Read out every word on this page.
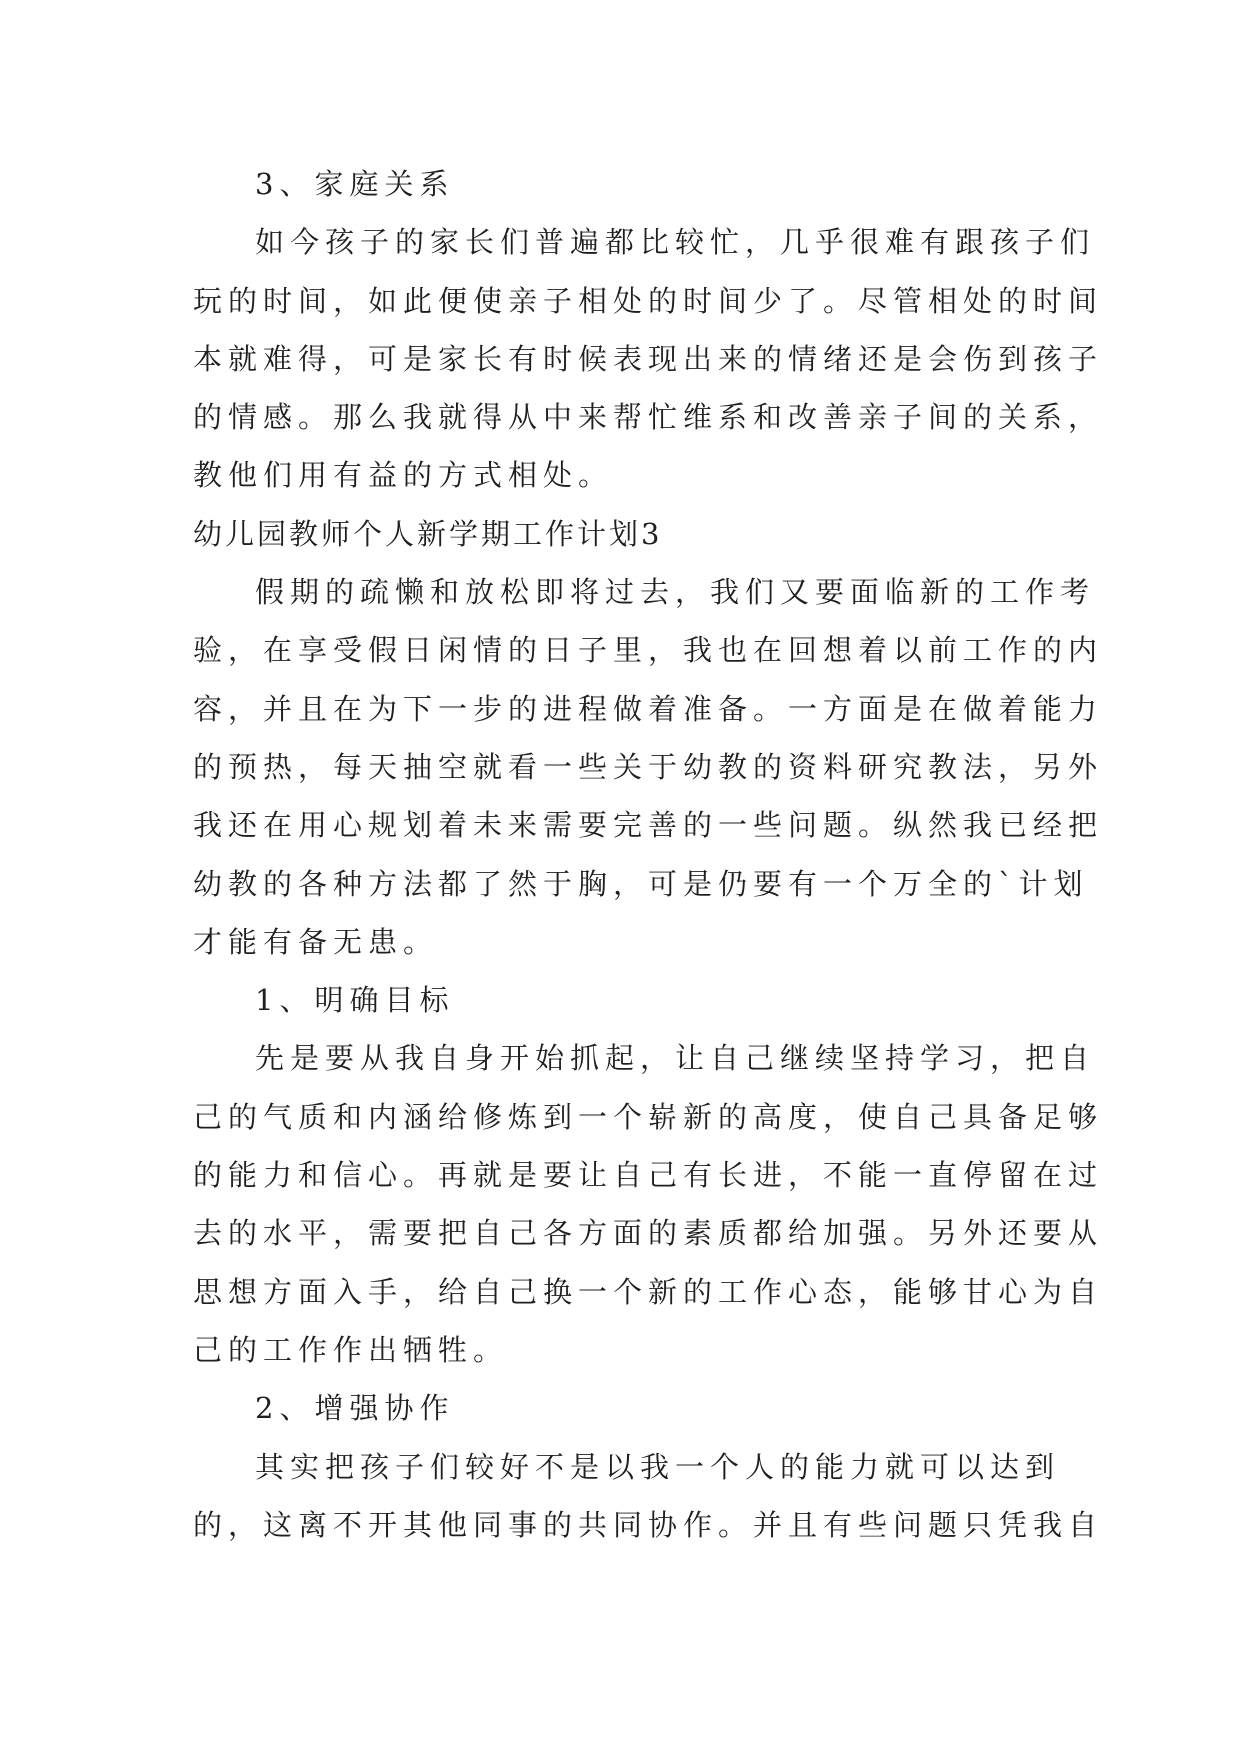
3、家庭关系
如今孩子的家长们普遍都比较忙，几乎很难有跟孩子们
玩的时间，如此便使亲子相处的时间少了。尽管相处的时间
本就难得，可是家长有时候表现出来的情绪还是会伤到孩子
的情感。那么我就得从中来帮忙维系和改善亲子间的关系，
教他们用有益的方式相处。
幼儿园教师个人新学期工作计划3
假期的疏懒和放松即将过去，我们又要面临新的工作考
验，在享受假日闲情的日子里，我也在回想着以前工作的内
容，并且在为下一步的进程做着准备。一方面是在做着能力
的预热，每天抽空就看一些关于幼教的资料研究教法，另外
我还在用心规划着未来需要完善的一些问题。纵然我已经把
幼教的各种方法都了然于胸，可是仍要有一个万全的`计划
才能有备无患。
1、明确目标
先是要从我自身开始抓起，让自己继续坚持学习，把自
己的气质和内涵给修炼到一个崭新的高度，使自己具备足够
的能力和信心。再就是要让自己有长进，不能一直停留在过
去的水平，需要把自己各方面的素质都给加强。另外还要从
思想方面入手，给自己换一个新的工作心态，能够甘心为自
己的工作作出牺牲。
2、增强协作
其实把孩子们较好不是以我一个人的能力就可以达到
的，这离不开其他同事的共同协作。并且有些问题只凭我自
